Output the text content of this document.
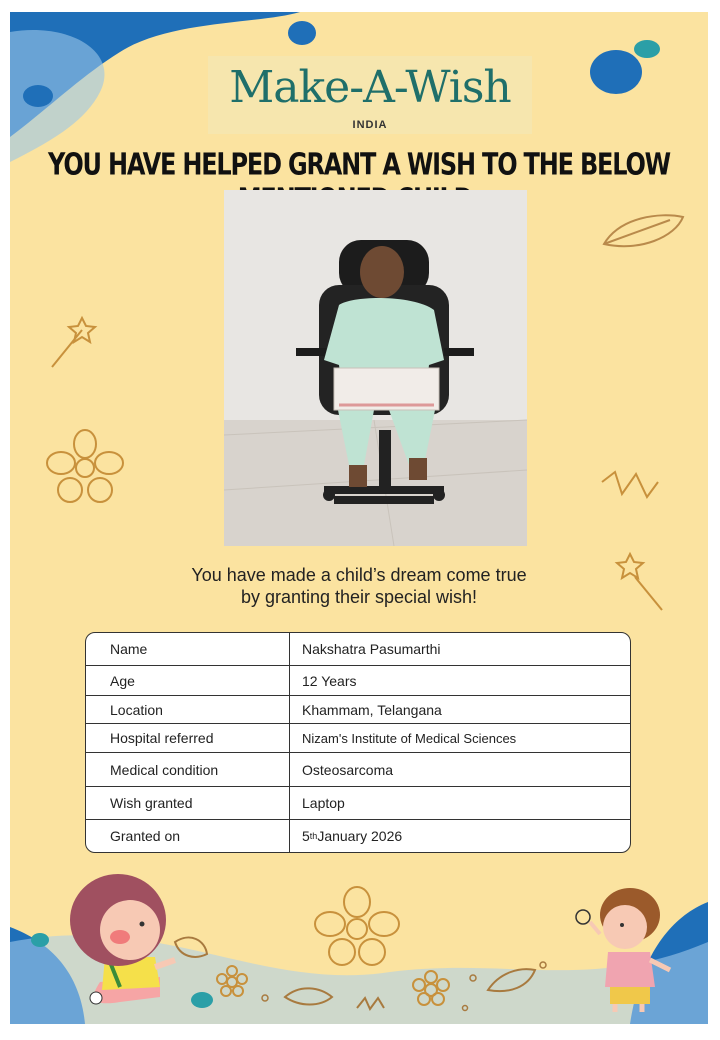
Make-A-Wish
INDIA
YOU HAVE HELPED GRANT A WISH TO THE BELOW
You have made a child’s dream come true
by granting their special wish!
Name	Nakshatra Pasumarthi
Age	12 Years
Location	Khammam, Telangana
Hospital referred	Nizam's Institute of Medical Sciences
Medical condition	Osteosarcoma
Wish granted	Laptop
Granted on	5 th January 2026
